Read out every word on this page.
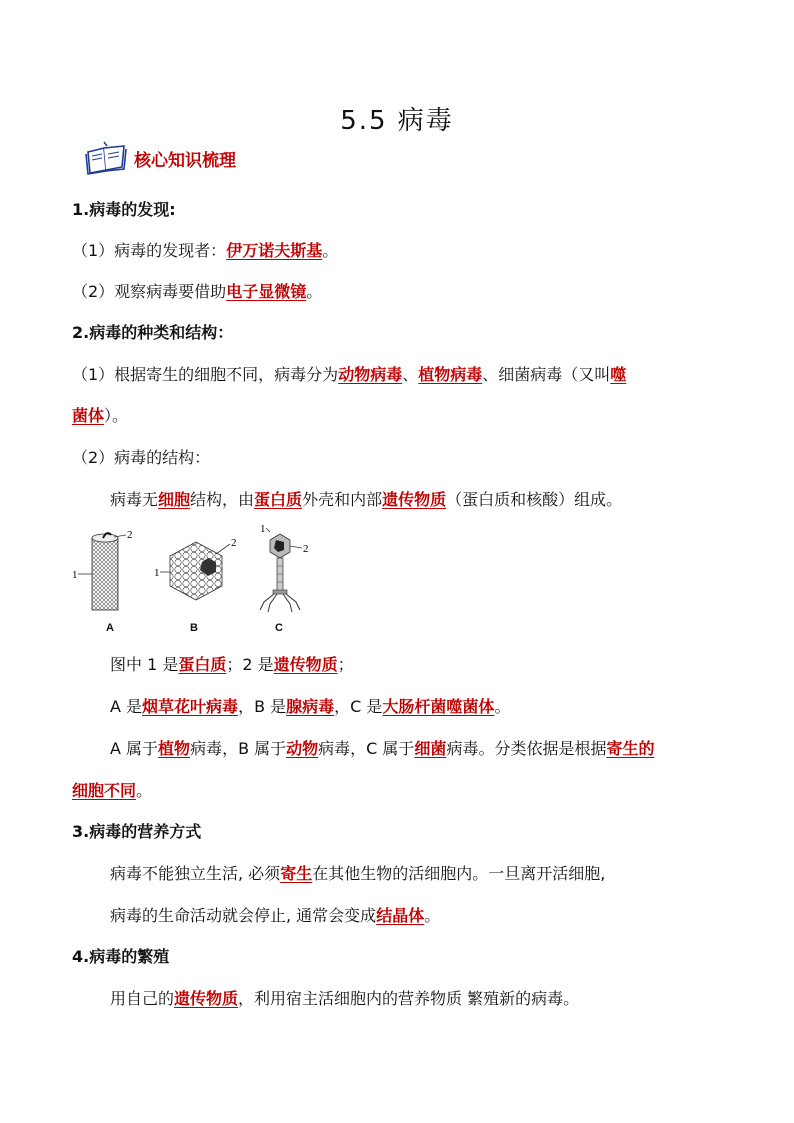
5.5 病毒
核心知识梳理
1.病毒的发现:
（1）病毒的发现者：伊万诺夫斯基。
（2）观察病毒要借助电子显微镜。
2.病毒的种类和结构：
（1）根据寄生的细胞不同，病毒分为动物病毒、植物病毒、细菌病毒（又叫噬
菌体）。
（2）病毒的结构：
病毒无细胞结构，由蛋白质外壳和内部遗传物质（蛋白质和核酸）组成。
2
1
2
1
2
1
A	B	C
图中 1 是蛋白质；2 是遗传物质；
A 是烟草花叶病毒，B 是腺病毒，C 是大肠杆菌噬菌体。
A 属于植物病毒，B 属于动物病毒，C 属于细菌病毒。分类依据是根据寄生的
细胞不同。
3.病毒的营养方式
病毒不能独立生活, 必须寄生在其他生物的活细胞内。一旦离开活细胞,
病毒的生命活动就会停止, 通常会变成结晶体。
4.病毒的繁殖
用自己的遗传物质，利用宿主活细胞内的营养物质 繁殖新的病毒。
